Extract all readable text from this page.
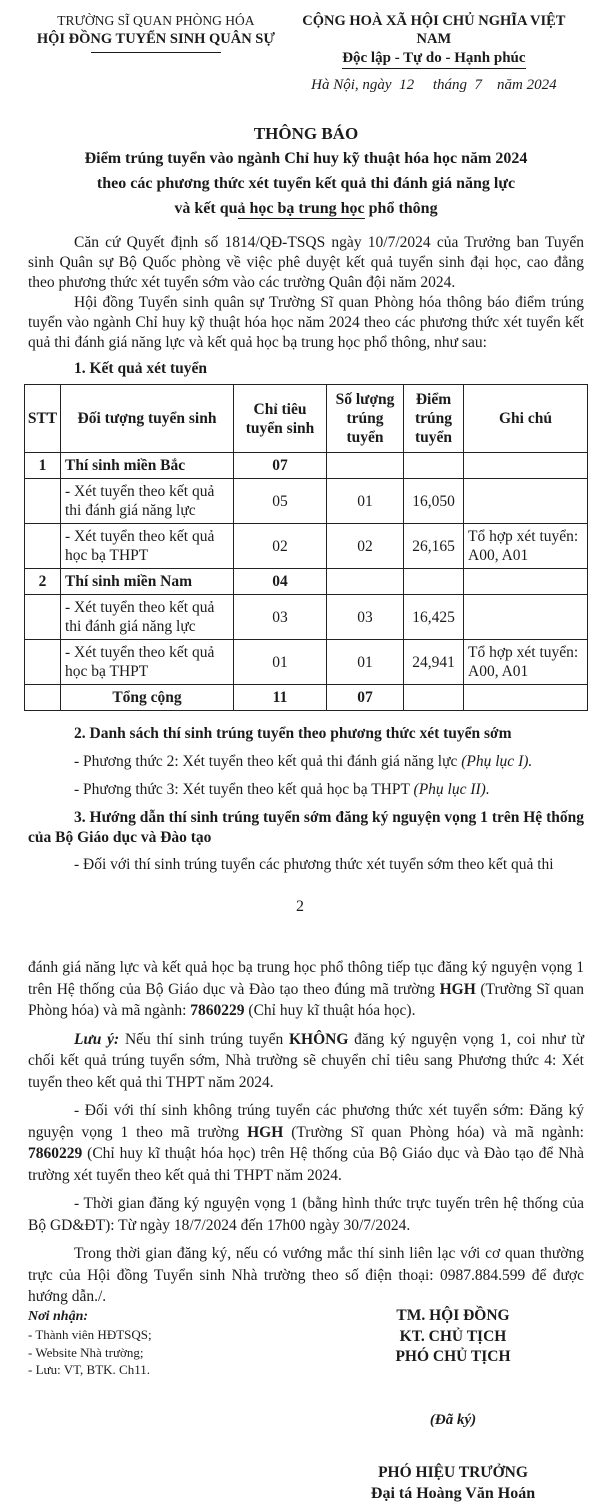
TRƯỜNG SĨ QUAN PHÒNG HÓA
HỘI ĐỒNG TUYỂN SINH QUÂN SỰ
CỘNG HOÀ XÃ HỘI CHỦ NGHĨA VIỆT NAM
Độc lập - Tự do - Hạnh phúc
Hà Nội, ngày  12     tháng  7    năm 2024
THÔNG BÁO
Điểm trúng tuyển vào ngành Chỉ huy kỹ thuật hóa học năm 2024
theo các phương thức xét tuyển kết quả thi đánh giá năng lực
và kết quả học bạ trung học phổ thông

Căn cứ Quyết định số 1814/QĐ-TSQS ngày 10/7/2024 của Trưởng ban Tuyển sinh Quân sự Bộ Quốc phòng về việc phê duyệt kết quả tuyển sinh đại học, cao đẳng theo phương thức xét tuyển sớm vào các trường Quân đội năm 2024.

Hội đồng Tuyển sinh quân sự Trường Sĩ quan Phòng hóa thông báo điểm trúng tuyển vào ngành Chỉ huy kỹ thuật hóa học năm 2024 theo các phương thức xét tuyển kết quả thi đánh giá năng lực và kết quả học bạ trung học phổ thông, như sau:

1. Kết quả xét tuyển

STT	Đối tượng tuyển sinh	Chỉ tiêu tuyển sinh	Số lượng trúng tuyển	Điểm trúng tuyển	Ghi chú
1	Thí sinh miền Bắc	07			
	- Xét tuyển theo kết quả thi đánh giá năng lực	05	01	16,050	
	- Xét tuyển theo kết quả học bạ THPT	02	02	26,165	Tổ hợp xét tuyển: A00, A01
2	Thí sinh miền Nam	04			
	- Xét tuyển theo kết quả thi đánh giá năng lực	03	03	16,425	
	- Xét tuyển theo kết quả học bạ THPT	01	01	24,941	Tổ hợp xét tuyển: A00, A01
	Tổng cộng	11	07		

2. Danh sách thí sinh trúng tuyển theo phương thức xét tuyển sớm

- Phương thức 2: Xét tuyển theo kết quả thi đánh giá năng lực (Phụ lục I).

- Phương thức 3: Xét tuyển theo kết quả học bạ THPT (Phụ lục II).

3. Hướng dẫn thí sinh trúng tuyển sớm đăng ký nguyện vọng 1 trên Hệ thống của Bộ Giáo dục và Đào tạo

- Đối với thí sinh trúng tuyển các phương thức xét tuyển sớm theo kết quả thi

2

đánh giá năng lực và kết quả học bạ trung học phổ thông tiếp tục đăng ký nguyện vọng 1 trên Hệ thống của Bộ Giáo dục và Đào tạo theo đúng mã trường HGH (Trường Sĩ quan Phòng hóa) và mã ngành: 7860229 (Chỉ huy kĩ thuật hóa học).

Lưu ý: Nếu thí sinh trúng tuyển KHÔNG đăng ký nguyện vọng 1, coi như từ chối kết quả trúng tuyển sớm, Nhà trường sẽ chuyển chỉ tiêu sang Phương thức 4: Xét tuyển theo kết quả thi THPT năm 2024.

- Đối với thí sinh không trúng tuyển các phương thức xét tuyển sớm: Đăng ký nguyện vọng 1 theo mã trường HGH (Trường Sĩ quan Phòng hóa) và mã ngành: 7860229 (Chỉ huy kĩ thuật hóa học) trên Hệ thống của Bộ Giáo dục và Đào tạo để Nhà trường xét tuyển theo kết quả thi THPT năm 2024.

- Thời gian đăng ký nguyện vọng 1 (bằng hình thức trực tuyến trên hệ thống của Bộ GD&ĐT): Từ ngày 18/7/2024 đến 17h00 ngày 30/7/2024.

Trong thời gian đăng ký, nếu có vướng mắc thí sinh liên lạc với cơ quan thường trực của Hội đồng Tuyển sinh Nhà trường theo số điện thoại: 0987.884.599 để được hướng dẫn./.

Nơi nhận:
- Thành viên HĐTSQS;
- Website Nhà trường;
- Lưu: VT, BTK. Ch11.
TM. HỘI ĐỒNG
KT. CHỦ TỊCH
PHÓ CHỦ TỊCH
(Đã ký)
PHÓ HIỆU TRƯỞNG
Đại tá Hoàng Văn Hoán
